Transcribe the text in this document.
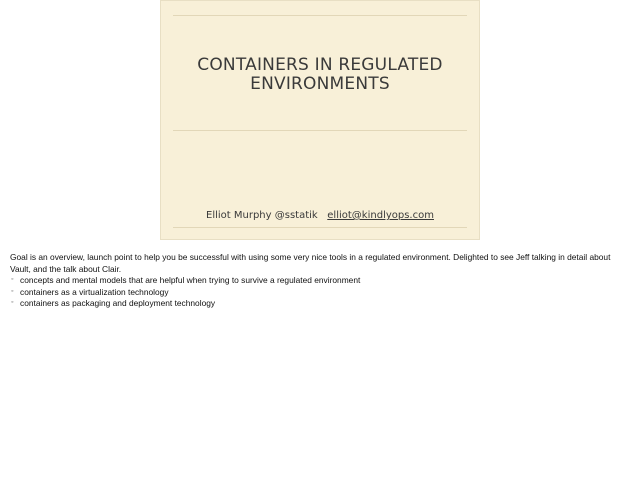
CONTAINERS IN REGULATED ENVIRONMENTS
Elliot Murphy @sstatik elliot@kindlyops.com

Goal is an overview, launch point to help you be successful with using some very nice tools in a regulated environment. Delighted to see Jeff talking in detail about Vault, and the talk about Clair.

◦ concepts and mental models that are helpful when trying to survive a regulated environment
◦ containers as a virtualization technology
◦ containers as packaging and deployment technology
